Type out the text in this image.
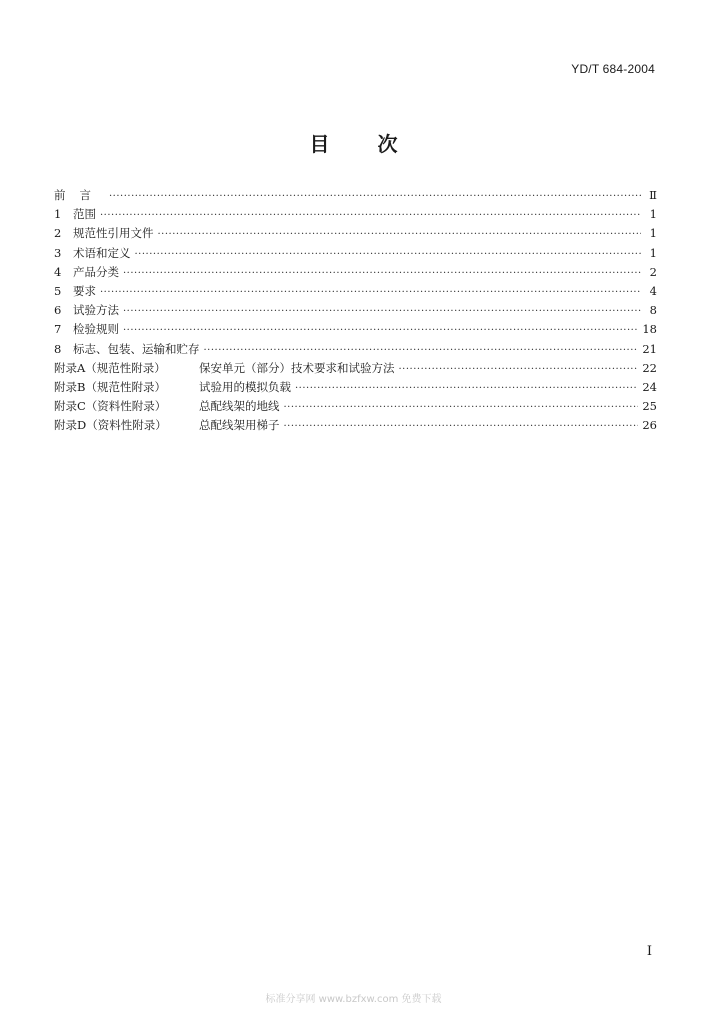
YD/T 684-2004
目次
前言 ·····	Ⅱ
1	范围 ·····	1
2	规范性引用文件 ·····	1
3	术语和定义 ·····	1
4	产品分类 ·····	2
5	要求 ·····	4
6	试验方法 ·····	8
7	检验规则 ·····	18
8	标志、包装、运输和贮存 ·····	21
附录A（规范性附录）	保安单元（部分）技术要求和试验方法 ·····	22
附录B（规范性附录）	试验用的模拟负载 ·····	24
附录C（资料性附录）	总配线架的地线 ·····	25
附录D（资料性附录）	总配线架用梯子 ·····	26
I
标准分享网 www.bzfxw.com 免费下载
